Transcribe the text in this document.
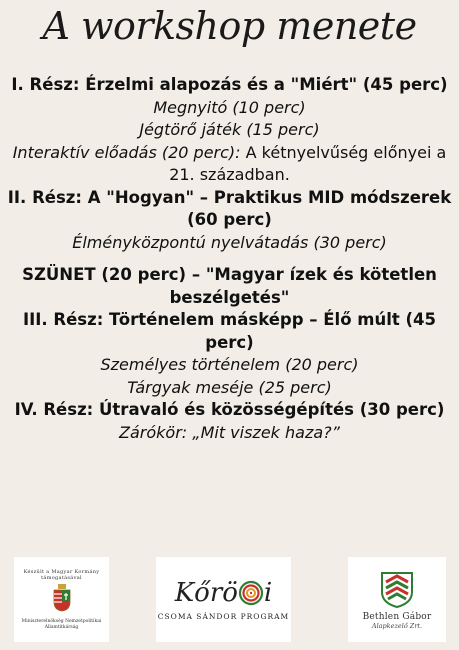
A workshop menete

I. Rész: Érzelmi alapozás és a "Miért" (45 perc)

Megnyitó (10 perc)

Jégtörő játék (15 perc)

Interaktív előadás (20 perc): A kétnyelvűség előnyei a 21. században.

II. Rész: A "Hogyan" – Praktikus MID módszerek (60 perc)

Élményközpontú nyelvátadás (30 perc)

SZÜNET (20 perc) – "Magyar ízek és kötetlen beszélgetés"

III. Rész: Történelem másképp – Élő múlt (45 perc)

Személyes történelem (20 perc)

Tárgyak meséje (25 perc)

IV. Rész: Útravaló és közösségépítés (30 perc)

Zárókör: „Mit viszek haza?”

Készült a Magyar Kormány támogatásával
Miniszterelnökség Nemzetpolitikai Államtitkárság
Kőrö i
CSOMA SÁNDOR PROGRAM	Bethlen Gábor
Alapkezelő Zrt.
